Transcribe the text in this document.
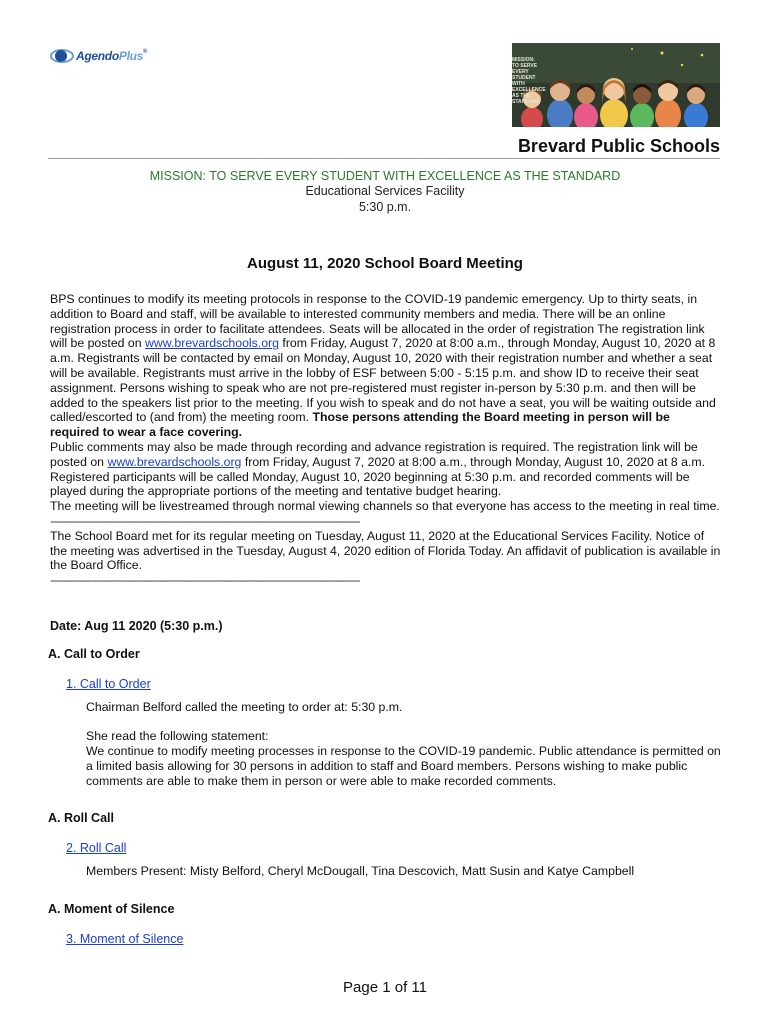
AgendoPlus®
MISSION: TO SERVE EVERY STUDENT WITH EXCELLENCE AS THE STANDARD
Brevard Public Schools
MISSION: TO SERVE EVERY STUDENT WITH EXCELLENCE AS THE STANDARD
Educational Services Facility
5:30 p.m.
August 11, 2020 School Board Meeting

BPS continues to modify its meeting protocols in response to the COVID-19 pandemic emergency. Up to thirty seats, in addition to Board and staff, will be available to interested community members and media. There will be an online registration process in order to facilitate attendees. Seats will be allocated in the order of registration The registration link will be posted on www.brevardschools.org from Friday, August 7, 2020 at 8:00 a.m., through Monday, August 10, 2020 at 8 a.m. Registrants will be contacted by email on Monday, August 10, 2020 with their registration number and whether a seat will be available. Registrants must arrive in the lobby of ESF between 5:00 - 5:15 p.m. and show ID to receive their seat assignment. Persons wishing to speak who are not pre-registered must register in-person by 5:30 p.m. and then will be added to the speakers list prior to the meeting. If you wish to speak and do not have a seat, you will be waiting outside and called/escorted to (and from) the meeting room. Those persons attending the Board meeting in person will be required to wear a face covering.

Public comments may also be made through recording and advance registration is required. The registration link will be posted on www.brevardschools.org from Friday, August 7, 2020 at 8:00 a.m., through Monday, August 10, 2020 at 8 a.m. Registered participants will be called Monday, August 10, 2020 beginning at 5:30 p.m. and recorded comments will be played during the appropriate portions of the meeting and tentative budget hearing.

The meeting will be livestreamed through normal viewing channels so that everyone has access to the meeting in real time.

----------------------------------------------------------------------------------------------------

The School Board met for its regular meeting on Tuesday, August 11, 2020 at the Educational Services Facility. Notice of the meeting was advertised in the Tuesday, August 4, 2020 edition of Florida Today. An affidavit of publication is available in the Board Office.

----------------------------------------------------------------------------------------------------

Date: Aug 11 2020 (5:30 p.m.)
A. Call to Order
1. Call to Order

Chairman Belford called the meeting to order at: 5:30 p.m.

She read the following statement:

We continue to modify meeting processes in response to the COVID-19 pandemic. Public attendance is permitted on a limited basis allowing for 30 persons in addition to staff and Board members. Persons wishing to make public comments are able to make them in person or were able to make recorded comments.

A. Roll Call
2. Roll Call

Members Present: Misty Belford, Cheryl McDougall, Tina Descovich, Matt Susin and Katye Campbell

A. Moment of Silence
3. Moment of Silence
Page 1 of 11
